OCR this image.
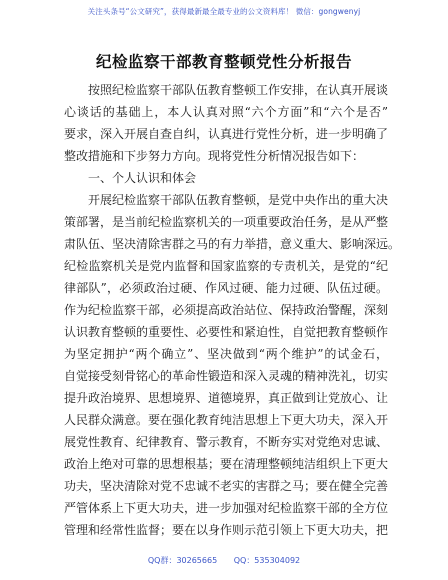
关注头条号“公文研究”，获得最新最全最专业的公文资料库！ 微信：gongwenyj
纪检监察干部教育整顿党性分析报告
按照纪检监察干部队伍教育整顿工作安排，在认真开展谈
心谈话的基础上，本人认真对照“六个方面”和“六个是否”
要求，深入开展自查自纠，认真进行党性分析，进一步明确了
整改措施和下步努力方向。现将党性分析情况报告如下：
一、个人认识和体会
开展纪检监察干部队伍教育整顿，是党中央作出的重大决
策部署，是当前纪检监察机关的一项重要政治任务，是从严整
肃队伍、坚决清除害群之马的有力举措，意义重大、影响深远。
纪检监察机关是党内监督和国家监察的专责机关，是党的“纪
律部队”，必须政治过硬、作风过硬、能力过硬、队伍过硬。
作为纪检监察干部，必须提高政治站位、保持政治警醒，深刻
认识教育整顿的重要性、必要性和紧迫性，自觉把教育整顿作
为坚定拥护“两个确立”、坚决做到“两个维护”的试金石，
自觉接受刻骨铭心的革命性锻造和深入灵魂的精神洗礼，切实
提升政治境界、思想境界、道德境界，真正做到让党放心、让
人民群众满意。要在强化教育纯洁思想上下更大功夫，深入开
展党性教育、纪律教育、警示教育，不断夯实对党绝对忠诚、
政治上绝对可靠的思想根基；要在清理整顿纯洁组织上下更大
功夫，坚决清除对党不忠诚不老实的害群之马；要在健全完善
严管体系上下更大功夫，进一步加强对纪检监察干部的全方位
管理和经常性监督；要在以身作则示范引领上下更大功夫，把
QQ群：30265665 QQ：535304092
